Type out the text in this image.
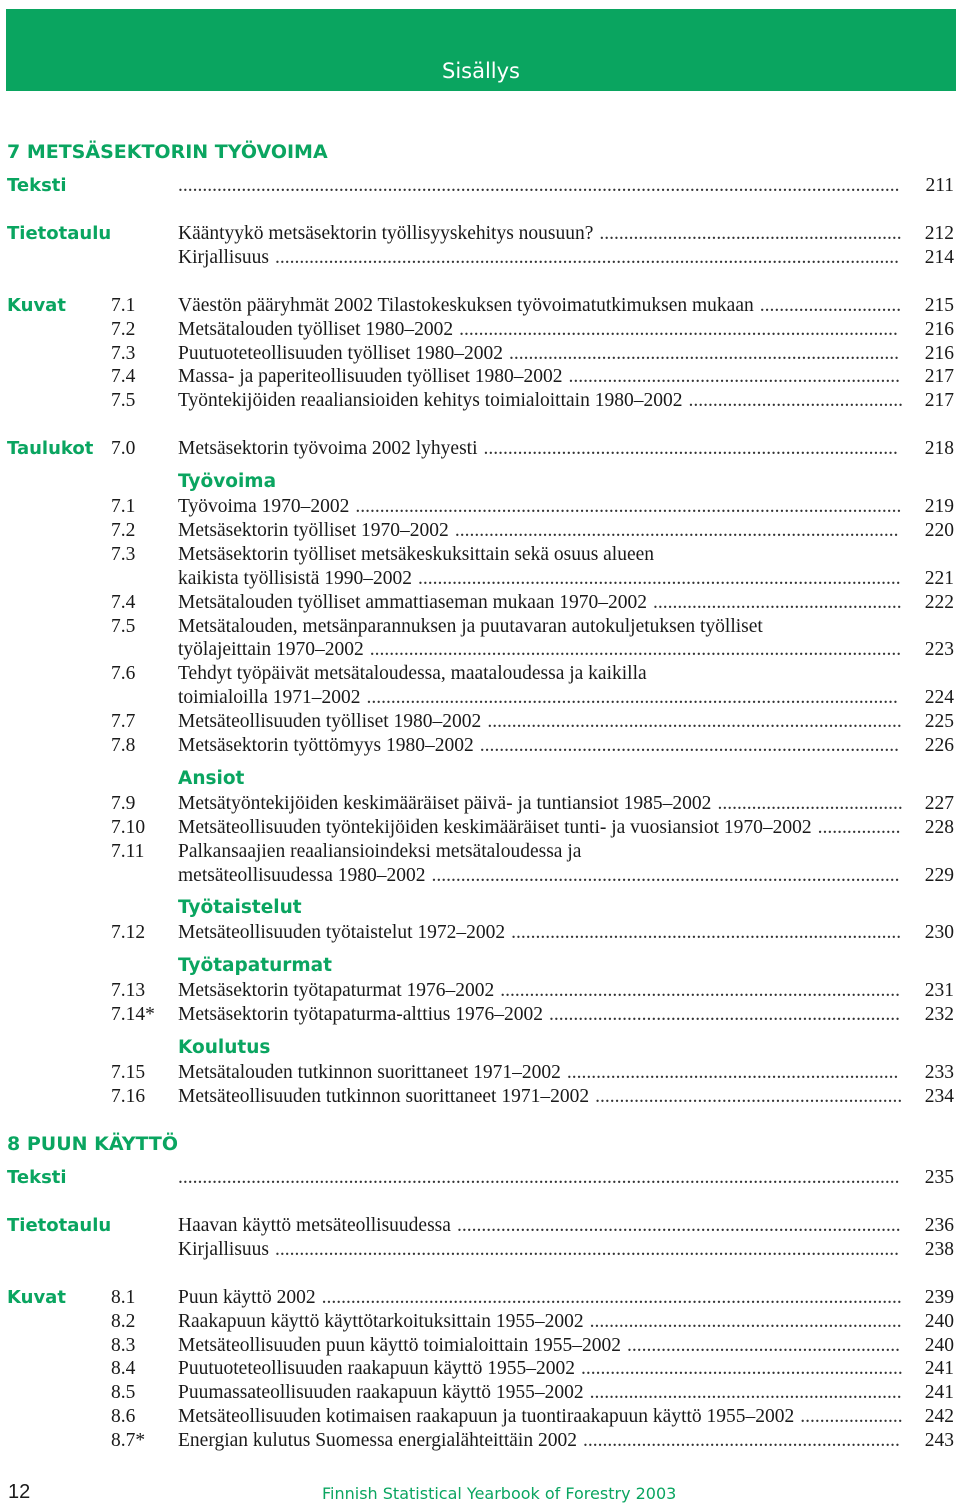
Sisällys
7 METSÄSEKTORIN TYÖVOIMA
Teksti	.................................................................................................................................................... 211
Tietotaulu	Kääntyykö metsäsektorin työllisyyskehitys nousuun? .............................................................. 212
Kirjallisuus ................................................................................................................................ 214
Kuvat 7.1 Väestön pääryhmät 2002 Tilastokeskuksen työvoimatutkimuksen mukaan ............................. 215
7.2 Metsätalouden työlliset 1980–2002 .......................................................................................... 216
7.3 Puutuoteteollisuuden työlliset 1980–2002 ................................................................................ 216
7.4 Massa- ja paperiteollisuuden työlliset 1980–2002 .................................................................... 217
7.5 Työntekijöiden reaaliansioiden kehitys toimialoittain 1980–2002 ............................................ 217
Taulukot 7.0 Metsäsektorin työvoima 2002 lyhyesti ..................................................................................... 218
Työvoima
7.1 Työvoima 1970–2002 ................................................................................................................ 219
7.2 Metsäsektorin työlliset 1970–2002 ........................................................................................... 220
7.3 Metsäsektorin työlliset metsäkeskuksittain sekä osuus alueen
kaikista työllisistä 1990–2002 ................................................................................................... 221
7.4 Metsätalouden työlliset ammattiaseman mukaan 1970–2002 ................................................... 222
7.5 Metsätalouden, metsänparannuksen ja puutavaran autokuljetuksen työlliset
työlajeittain 1970–2002 ............................................................................................................. 223
7.6 Tehdyt työpäivät metsätaloudessa, maataloudessa ja kaikilla
toimialoilla 1971–2002 ............................................................................................................. 224
7.7 Metsäteollisuuden työlliset 1980–2002 ..................................................................................... 225
7.8 Metsäsektorin työttömyys 1980–2002 ...................................................................................... 226
Ansiot
7.9 Metsätyöntekijöiden keskimääräiset päivä- ja tuntiansiot 1985–2002 ...................................... 227
7.10 Metsäteollisuuden työntekijöiden keskimääräiset tunti- ja vuosiansiot 1970–2002 ................. 228
7.11 Palkansaajien reaaliansioindeksi metsätaloudessa ja
metsäteollisuudessa 1980–2002 ................................................................................................ 229
Työtaistelut
7.12 Metsäteollisuuden työtaistelut 1972–2002 ................................................................................ 230
Työtapaturmat
7.13 Metsäsektorin työtapaturmat 1976–2002 .................................................................................. 231
7.14* Metsäsektorin työtapaturma-alttius 1976–2002 ........................................................................ 232
Koulutus
7.15 Metsätalouden tutkinnon suorittaneet 1971–2002 .................................................................... 233
7.16 Metsäteollisuuden tutkinnon suorittaneet 1971–2002 ............................................................... 234
8 PUUN KÄYTTÖ
Teksti	.................................................................................................................................................... 235
Tietotaulu	Haavan käyttö metsäteollisuudessa ........................................................................................... 236
Kirjallisuus ................................................................................................................................ 238
Kuvat 8.1 Puun käyttö 2002 ....................................................................................................................... 239
8.2 Raakapuun käyttö käyttötarkoituksittain 1955–2002 ................................................................ 240
8.3 Metsäteollisuuden puun käyttö toimialoittain 1955–2002 ........................................................ 240
8.4 Puutuoteteollisuuden raakapuun käyttö 1955–2002 .................................................................. 241
8.5 Puumassateollisuuden raakapuun käyttö 1955–2002 ................................................................ 241
8.6 Metsäteollisuuden kotimaisen raakapuun ja tuontiraakapuun käyttö 1955–2002 ..................... 242
8.7* Energian kulutus Suomessa energialähteittäin 2002 ................................................................. 243
12	Finnish Statistical Yearbook of Forestry 2003
